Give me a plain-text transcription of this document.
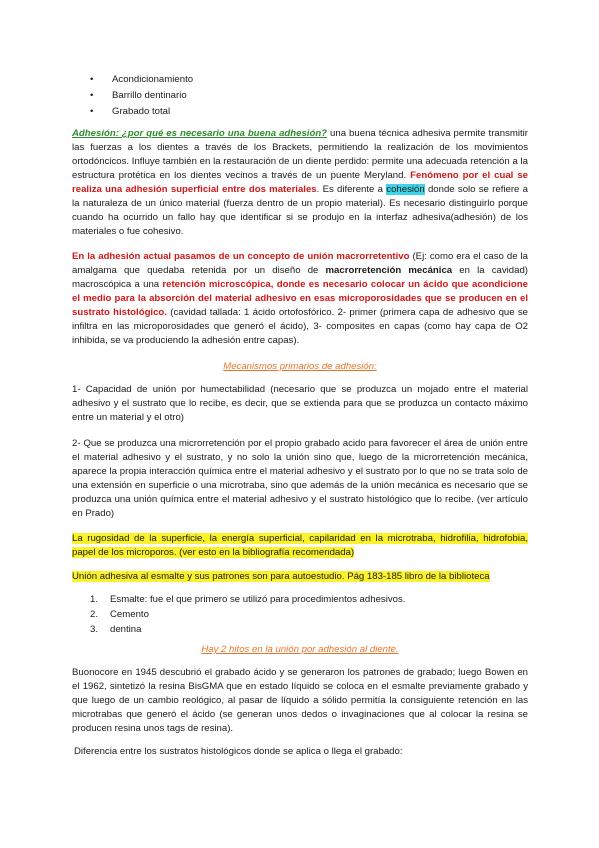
• Acondicionamiento
• Barrillo dentinario
• Grabado total

Adhesión: ¿por qué es necesario una buena adhesión? una buena técnica adhesiva permite transmitir las fuerzas a los dientes a través de los Brackets, permitiendo la realización de los movimientos ortodóncicos. Influye también en la restauración de un diente perdido: permite una adecuada retención a la estructura protética en los dientes vecinos a través de un puente Meryland. Fenómeno por el cual se realiza una adhesión superficial entre dos materiales. Es diferente a cohesión donde solo se refiere a la naturaleza de un único material (fuerza dentro de un propio material). Es necesario distinguirlo porque cuando ha ocurrido un fallo hay que identificar si se produjo en la interfaz adhesiva(adhesión) de los materiales o fue cohesivo.

En la adhesión actual pasamos de un concepto de unión macrorretentivo (Ej: como era el caso de la amalgama que quedaba retenida por un diseño de macrorretención mecánica en la cavidad) macroscópica a una retención microscópica, donde es necesario colocar un ácido que acondicione el medio para la absorción del material adhesivo en esas microporosidades que se producen en el sustrato histológico. (cavidad tallada: 1 ácido ortofosfórico. 2- primer (primera capa de adhesivo que se infiltra en las microporosidades que generó el ácido), 3- composites en capas (como hay capa de O2 inhibida, se va produciendo la adhesión entre capas).

Mecanismos primarios de adhesión:

1- Capacidad de unión por humectabilidad (necesario que se produzca un mojado entre el material adhesivo y el sustrato que lo recibe, es decir, que se extienda para que se produzca un contacto máximo entre un material y el otro)

2- Que se produzca una microrretención por el propio grabado acido para favorecer el área de unión entre el material adhesivo y el sustrato, y no solo la unión sino que, luego de la microrretención mecánica, aparece la propia interacción química entre el material adhesivo y el sustrato por lo que no se trata solo de una extensión en superficie o una microtraba, sino que además de la unión mecánica es necesario que se produzca una unión química entre el material adhesivo y el sustrato histológico que lo recibe. (ver artículo en Prado)

La rugosidad de la superficie, la energía superficial, capilaridad en la microtraba, hidrofilia, hidrofobia, papel de los microporos. (ver esto en la bibliografía recomendada)

Unión adhesiva al esmalte y sus patrones son para autoestudio. Pág 183-185 libro de la biblioteca

1. Esmalte: fue el que primero se utilizó para procedimientos adhesivos.
2. Cemento
3. dentina
Hay 2 hitos en la unión por adhesión al diente.

Buonocore en 1945 descubrió el grabado ácido y se generaron los patrones de grabado; luego Bowen en el 1962, sintetizó la resina BisGMA que en estado líquido se coloca en el esmalte previamente grabado y que luego de un cambio reológico, al pasar de líquido a sólido permitía la consiguiente retención en las microtrabas que generó el ácido (se generan unos dedos o invaginaciones que al colocar la resina se producen resina unos tags de resina).

Diferencia entre los sustratos histológicos donde se aplica o llega el grabado:
